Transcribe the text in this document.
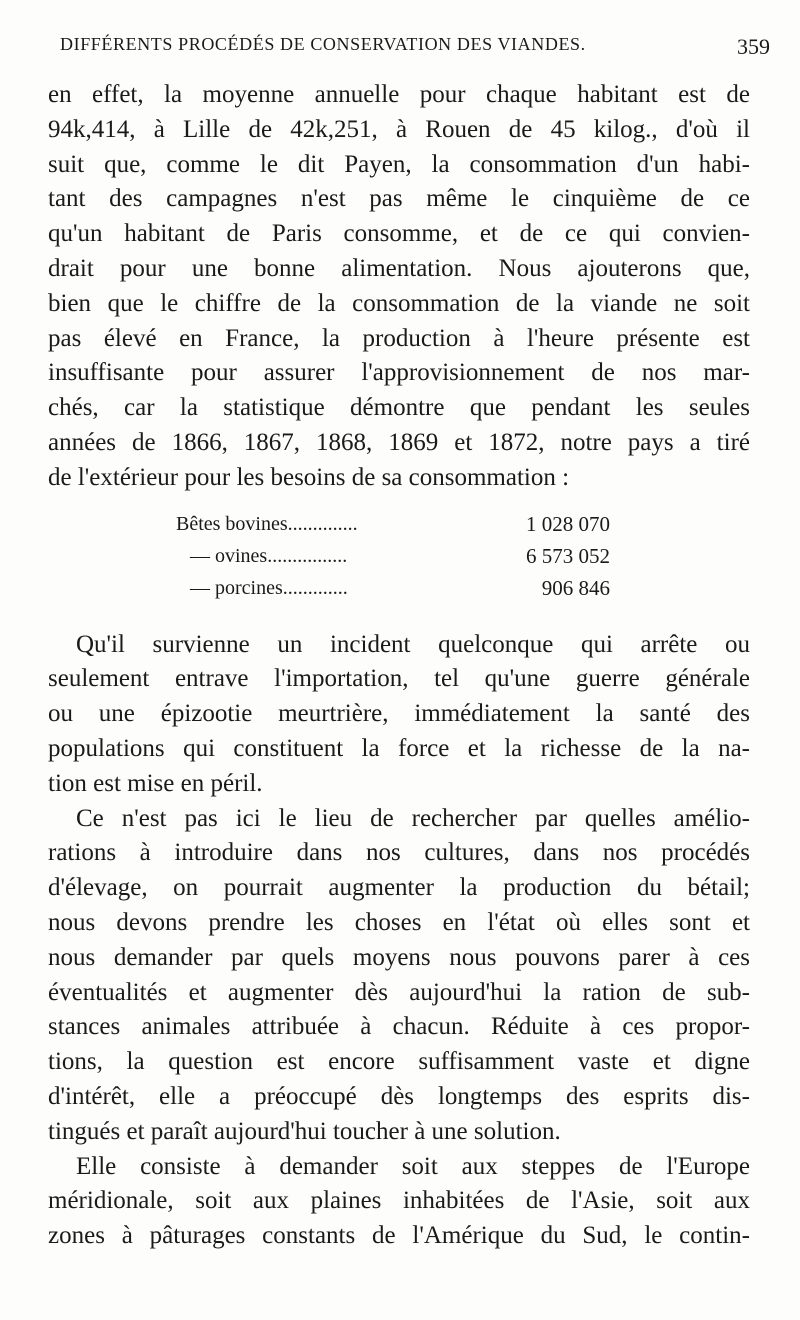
DIFFÉRENTS PROCÉDÉS DE CONSERVATION DES VIANDES.	359
en effet, la moyenne annuelle pour chaque habitant est de
94k,414, à Lille de 42k,251, à Rouen de 45 kilog., d'où il
suit que, comme le dit Payen, la consommation d'un habi-
tant des campagnes n'est pas même le cinquième de ce
qu'un habitant de Paris consomme, et de ce qui convien-
drait pour une bonne alimentation. Nous ajouterons que,
bien que le chiffre de la consommation de la viande ne soit
pas élevé en France, la production à l'heure présente est
insuffisante pour assurer l'approvisionnement de nos mar-
chés, car la statistique démontre que pendant les seules
années de 1866, 1867, 1868, 1869 et 1872, notre pays a tiré
de l'extérieur pour les besoins de sa consommation :
Bêtes bovines..............	1 028 070
— ovines................	6 573 052
— porcines.............	906 846
Qu'il survienne un incident quelconque qui arrête ou
seulement entrave l'importation, tel qu'une guerre générale
ou une épizootie meurtrière, immédiatement la santé des
populations qui constituent la force et la richesse de la na-
tion est mise en péril.
Ce n'est pas ici le lieu de rechercher par quelles amélio-
rations à introduire dans nos cultures, dans nos procédés
d'élevage, on pourrait augmenter la production du bétail;
nous devons prendre les choses en l'état où elles sont et
nous demander par quels moyens nous pouvons parer à ces
éventualités et augmenter dès aujourd'hui la ration de sub-
stances animales attribuée à chacun. Réduite à ces propor-
tions, la question est encore suffisamment vaste et digne
d'intérêt, elle a préoccupé dès longtemps des esprits dis-
tingués et paraît aujourd'hui toucher à une solution.
Elle consiste à demander soit aux steppes de l'Europe
méridionale, soit aux plaines inhabitées de l'Asie, soit aux
zones à pâturages constants de l'Amérique du Sud, le contin-
